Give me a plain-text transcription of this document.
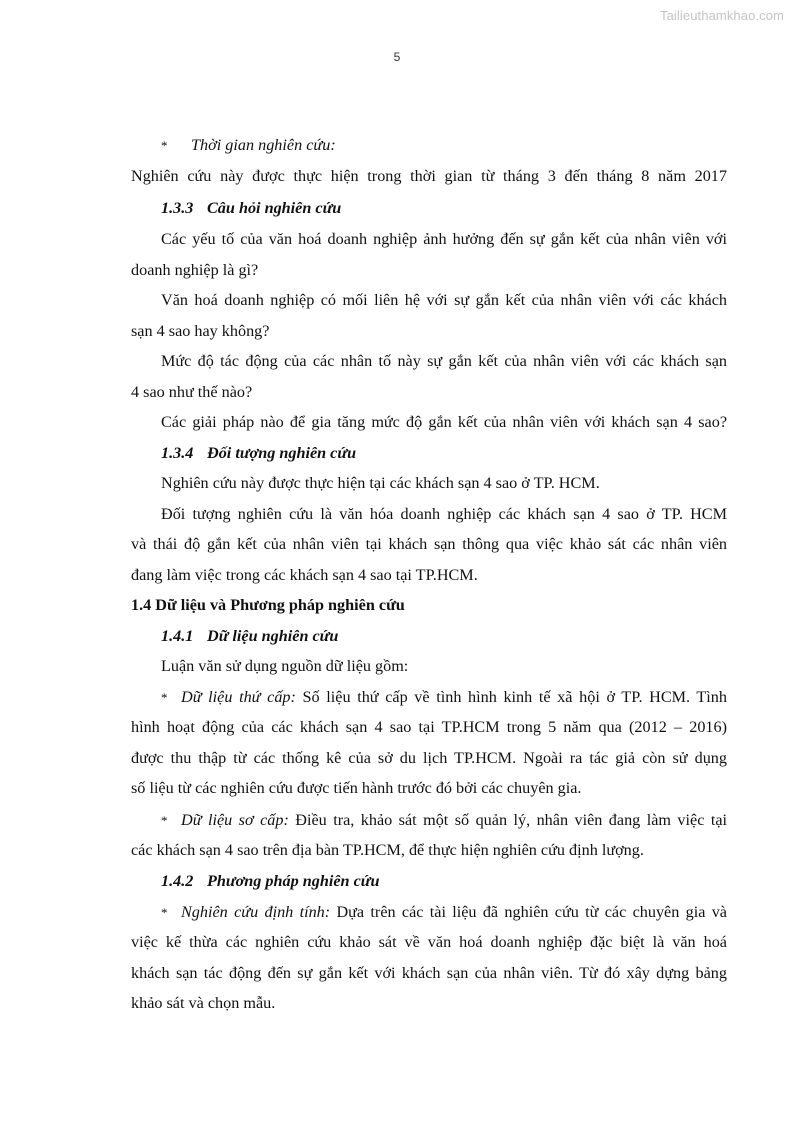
Tailieuthamkhao.com
5
* Thời gian nghiên cứu:
Nghiên cứu này được thực hiện trong thời gian từ tháng 3 đến tháng 8 năm 2017
1.3.3 Câu hỏi nghiên cứu
Các yếu tố của văn hoá doanh nghiệp ảnh hưởng đến sự gắn kết của nhân viên với
doanh nghiệp là gì?
Văn hoá doanh nghiệp có mối liên hệ với sự gắn kết của nhân viên với các khách
sạn 4 sao hay không?
Mức độ tác động của các nhân tố này sự gắn kết của nhân viên với các khách sạn
4 sao như thế nào?
Các giải pháp nào để gia tăng mức độ gắn kết của nhân viên với khách sạn 4 sao?
1.3.4 Đối tượng nghiên cứu
Nghiên cứu này được thực hiện tại các khách sạn 4 sao ở TP. HCM.
Đối tượng nghiên cứu là văn hóa doanh nghiệp các khách sạn 4 sao ở TP. HCM
và thái độ gắn kết của nhân viên tại khách sạn thông qua việc khảo sát các nhân viên
đang làm việc trong các khách sạn 4 sao tại TP.HCM.
1.4 Dữ liệu và Phương pháp nghiên cứu
1.4.1 Dữ liệu nghiên cứu
Luận văn sử dụng nguồn dữ liệu gồm:
* Dữ liệu thứ cấp: Số liệu thứ cấp về tình hình kinh tế xã hội ở TP. HCM. Tình
hình hoạt động của các khách sạn 4 sao tại TP.HCM trong 5 năm qua (2012 – 2016)
được thu thập từ các thống kê của sở du lịch TP.HCM. Ngoài ra tác giả còn sử dụng
số liệu từ các nghiên cứu được tiến hành trước đó bởi các chuyên gia.
* Dữ liệu sơ cấp: Điều tra, khảo sát một số quản lý, nhân viên đang làm việc tại
các khách sạn 4 sao trên địa bàn TP.HCM, để thực hiện nghiên cứu định lượng.
1.4.2 Phương pháp nghiên cứu
* Nghiên cứu định tính: Dựa trên các tài liệu đã nghiên cứu từ các chuyên gia và
việc kế thừa các nghiên cứu khảo sát về văn hoá doanh nghiệp đặc biệt là văn hoá
khách sạn tác động đến sự gắn kết với khách sạn của nhân viên. Từ đó xây dựng bảng
khảo sát và chọn mẫu.
